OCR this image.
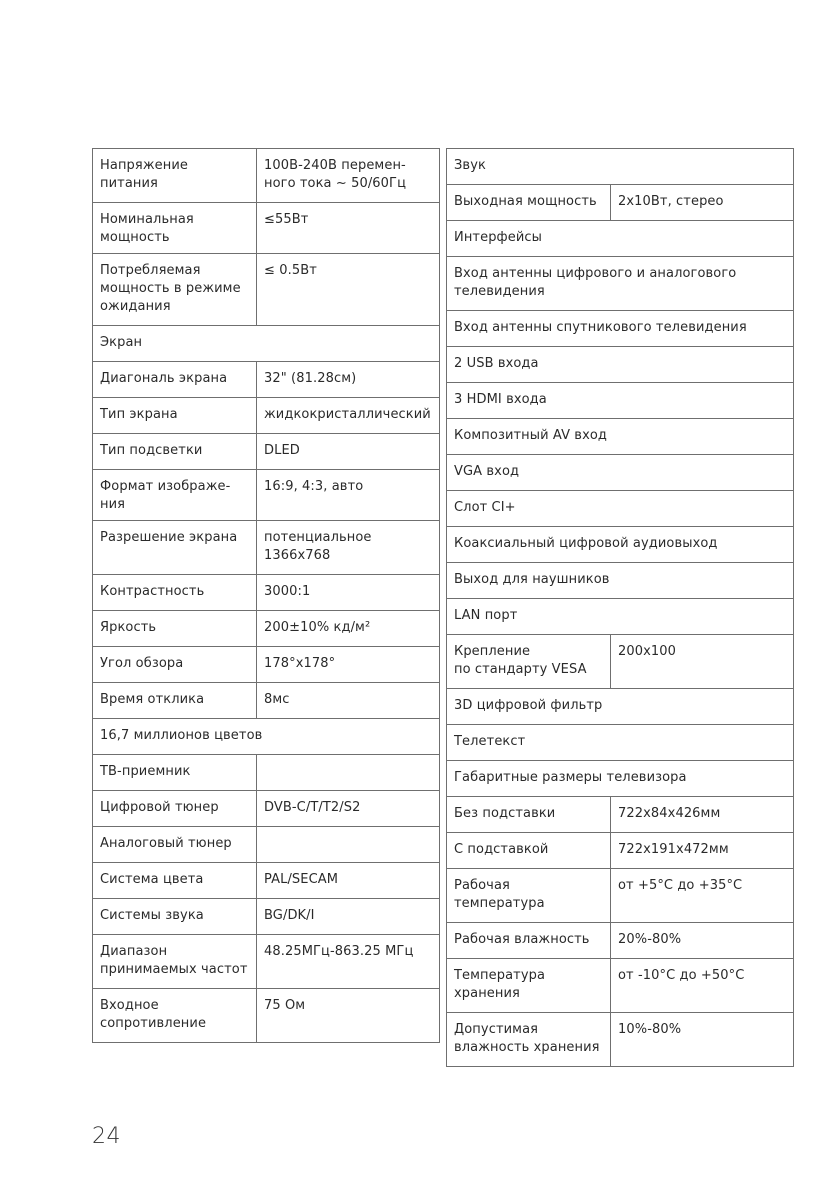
Напряжение
питания	100В-240В перемен-
ного тока ~ 50/60Гц
Номинальная
мощность	≤55Вт
Потребляемая
мощность в режиме
ожидания	≤ 0.5Вт
Экран	
Диагональ экрана	32" (81.28см)
Тип экрана	жидкокристаллический
Тип подсветки	DLED
Формат изображе-
ния	16:9, 4:3, авто
Разрешение экрана	потенциальное
1366x768
Контрастность	3000:1
Яркость	200±10% кд/м²
Угол обзора	178°x178°
Время отклика	8мс
16,7 миллионов цветов	
ТВ-приемник	
Цифровой тюнер	DVB-C/T/T2/S2
Аналоговый тюнер	
Система цвета	PAL/SECAM
Системы звука	BG/DK/I
Диапазон
принимаемых частот	48.25МГц-863.25 МГц
Входное
сопротивление	75 Ом
Звук	
Выходная мощность	2x10Вт, стерео
Интерфейсы	
Вход антенны цифрового и аналогового
телевидения	
Вход антенны спутникового телевидения	
2 USB входа	
3 HDMI входа	
Композитный AV вход	
VGA вход	
Слот CI+	
Коаксиальный цифровой аудиовыход	
Выход для наушников	
LAN порт	
Крепление
по стандарту VESA	200x100
3D цифровой фильтр	
Телетекст	
Габаритные размеры телевизора	
Без подставки	722x84x426мм
С подставкой	722x191x472мм
Рабочая
температура	от +5°С до +35°С
Рабочая влажность	20%-80%
Температура
хранения	от -10°С до +50°С
Допустимая
влажность хранения	10%-80%
24
